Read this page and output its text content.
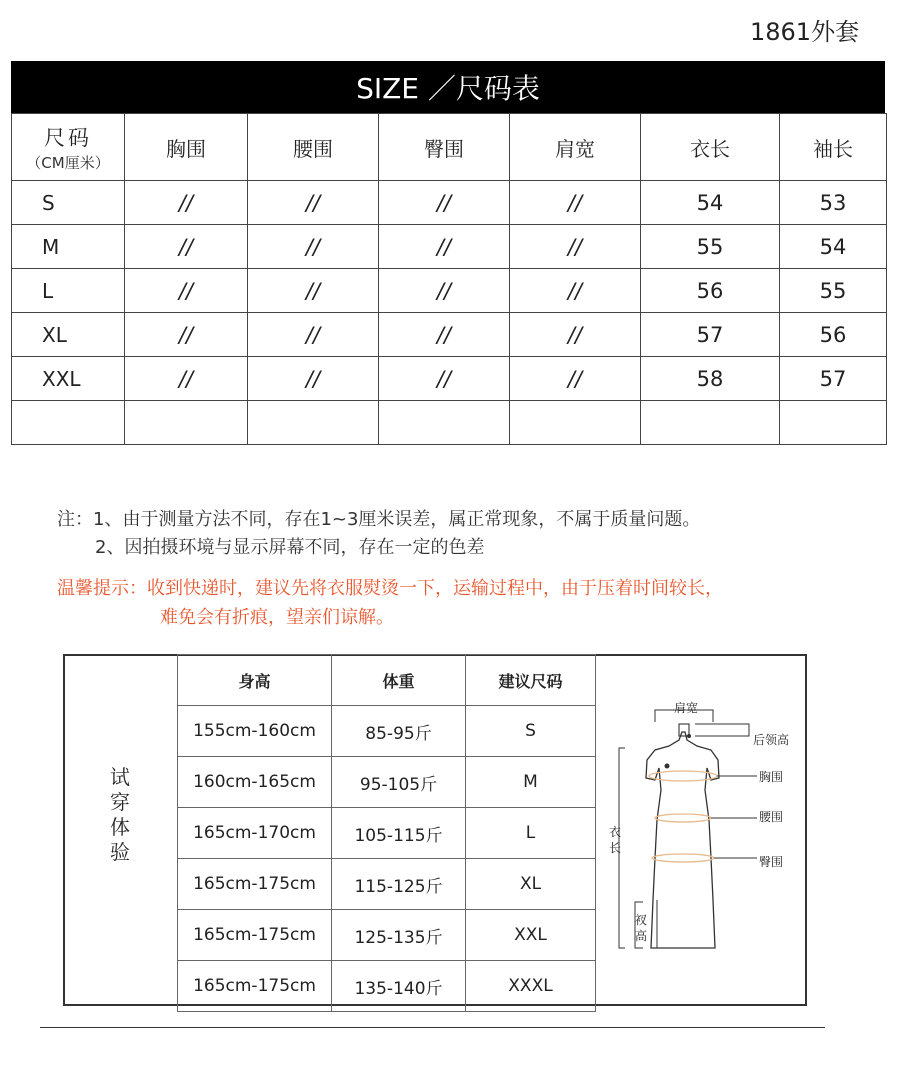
1861外套
SIZE ／尺码表
尺码
（CM厘米）	胸围	腰围	臀围	肩宽	衣长	袖长
S	//	//	//	//	54	53
M	//	//	//	//	55	54
L	//	//	//	//	56	55
XL	//	//	//	//	57	56
XXL	//	//	//	//	58	57

注：1、由于测量方法不同，存在1~3厘米误差，属正常现象，不属于质量问题。
2、因拍摄环境与显示屏幕不同，存在一定的色差
温馨提示：收到快递时，建议先将衣服熨烫一下，运输过程中，由于压着时间较长，
难免会有折痕，望亲们谅解。
试穿体验
身高	体重	建议尺码
155cm-160cm	85-95斤	S
160cm-165cm	95-105斤	M
165cm-170cm	105-115斤	L
165cm-175cm	115-125斤	XL
165cm-175cm	125-135斤	XXL
165cm-175cm	135-140斤	XXXL
肩宽
后领高
胸围
腰围
臀围
衣
长
衩
高
